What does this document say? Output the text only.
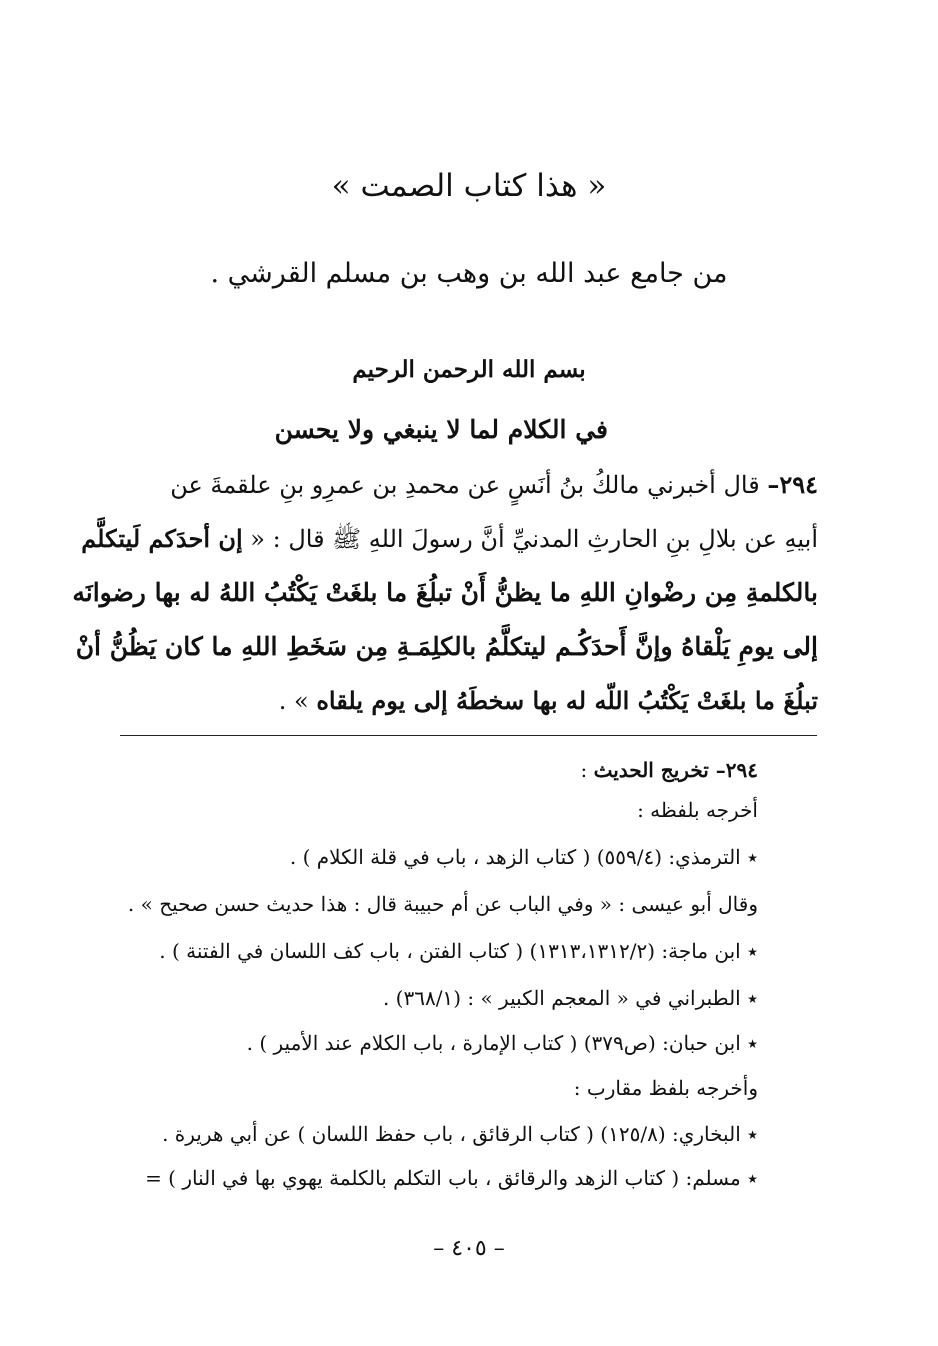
« هذا كتاب الصمت »
من جامع عبد الله بن وهب بن مسلم القرشي .
بسم الله الرحمن الرحيم
في الكلام لما لا ينبغي ولا يحسن
٢٩٤– قال أخبرني مالكُ بنُ أنَسٍ عن محمدِ بن عمرِو بنِ علقمةَ عن
أبيهِ عن بلالِ بنِ الحارثِ المدنيِّ أنَّ رسولَ اللهِ ﷺ قال : « إن أحدَكم لَيتكلَّم
بالكلمةِ مِن رضْوانِ اللهِ ما يظنُّ أَنْ تبلُغَ ما بلغَتْ يَكْتُبُ اللهُ له بها رضوانَه
إلى يومِ يَلْقاهُ وإنَّ أَحدَكُـم ليتكلَّمُ بالكلِمَـةِ مِن سَخَطِ اللهِ ما كان يَظُنُّ أنْ
تبلُغَ ما بلغَتْ يَكْتُبُ اللّه له بها سخطَهُ إلى يوم يلقاه » .
٢٩٤– تخريج الحديث :
أخرجه بلفظه :
٭ الترمذي: (٥٥٩/٤) ( كتاب الزهد ، باب في قلة الكلام ) .
وقال أبو عيسى : « وفي الباب عن أم حبيبة قال : هذا حديث حسن صحيح » .
٭ ابن ماجة: (١٣١٣،١٣١٢/٢) ( كتاب الفتن ، باب كف اللسان في الفتنة ) .
٭ الطبراني في « المعجم الكبير » : (٣٦٨/١) .
٭ ابن حبان: (ص٣٧٩) ( كتاب الإمارة ، باب الكلام عند الأمير ) .
وأخرجه بلفظ مقارب :
٭ البخاري: (١٢٥/٨) ( كتاب الرقائق ، باب حفظ اللسان ) عن أبي هريرة .
٭ مسلم: ( كتاب الزهد والرقائق ، باب التكلم بالكلمة يهوي بها في النار ) =
– ٤٠٥ –
